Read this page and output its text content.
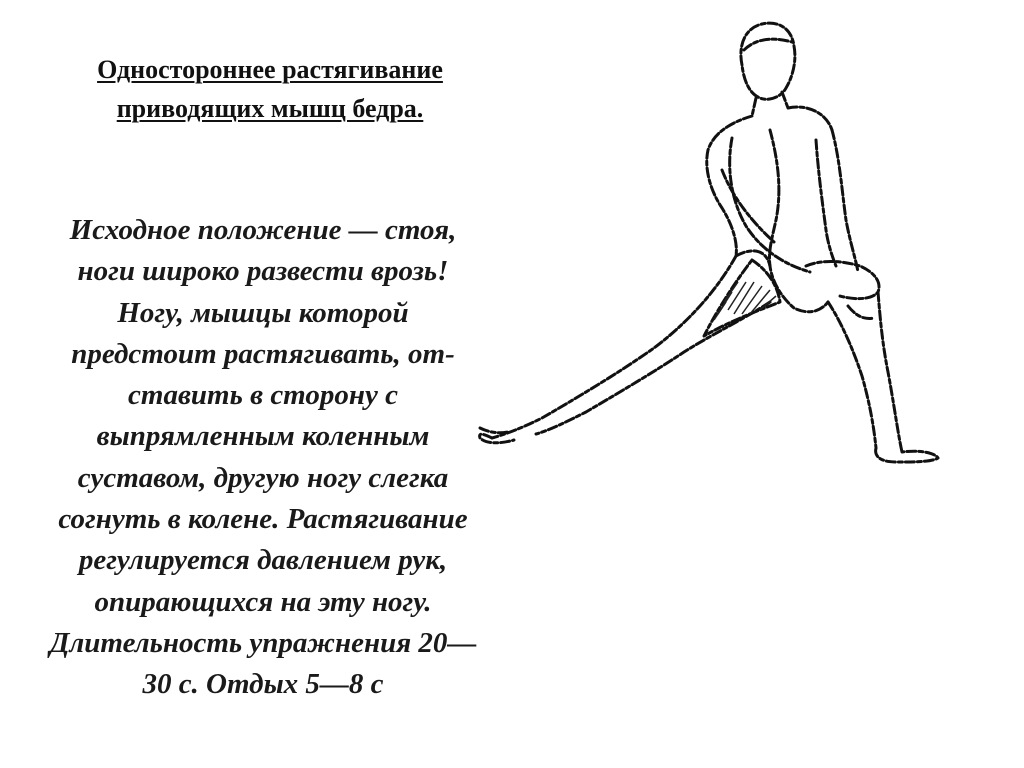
Одностороннее растягивание
приводящих мышц бедра.

Исходное положение — стоя,
ноги широко развести врозь!
Ногу, мышцы которой
предстоит растягивать, от-
ставить в сторону с
выпрямленным коленным
суставом, другую ногу слегка
согнуть в колене. Растягивание
регулируется давлением рук,
опирающихся на эту ногу.
Длительность упражнения 20—
30 с. Отдых 5—8 с
